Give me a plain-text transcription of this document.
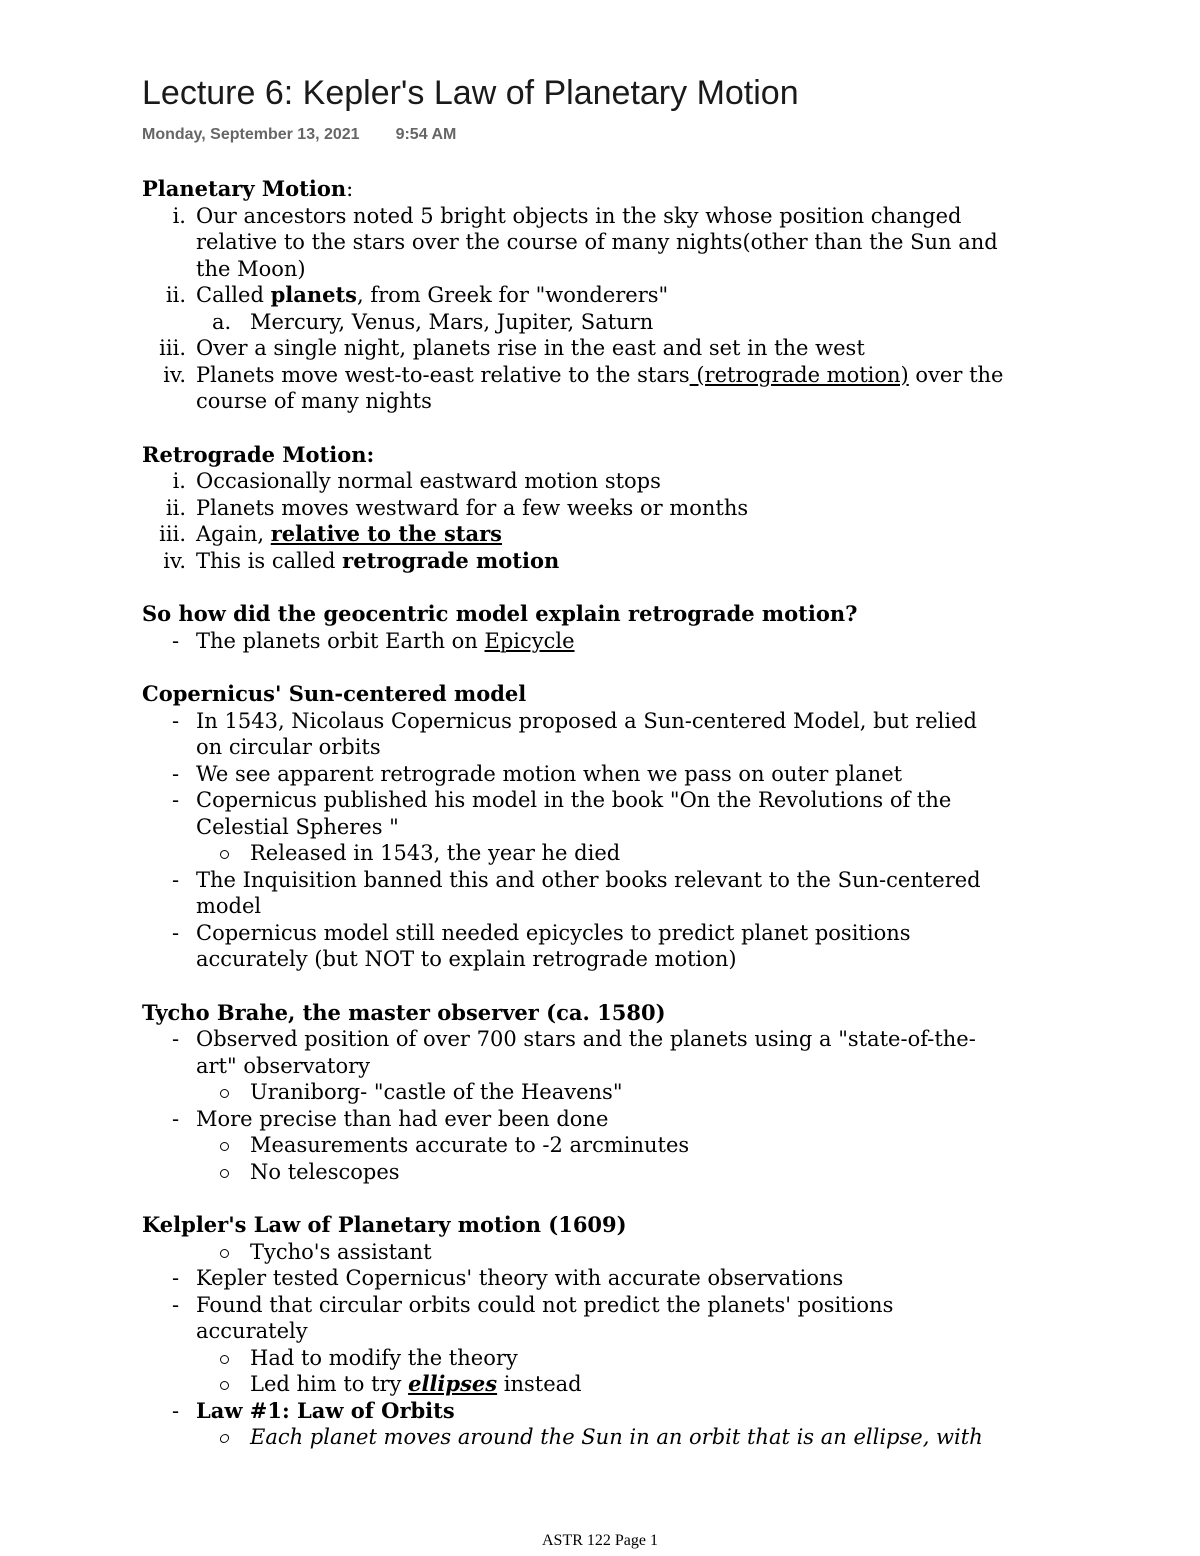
Lecture 6: Kepler's Law of Planetary Motion
Monday, September 13, 2021 9:54 AM

Planetary Motion:

i. Our ancestors noted 5 bright objects in the sky whose position changed
relative to the stars over the course of many nights(other than the Sun and
the Moon)
ii. Called planets, from Greek for "wonderers"
a. Mercury, Venus, Mars, Jupiter, Saturn
iii. Over a single night, planets rise in the east and set in the west
iv. Planets move west-to-east relative to the stars (retrograde motion) over the
course of many nights

Retrograde Motion:

i. Occasionally normal eastward motion stops
ii. Planets moves westward for a few weeks or months
iii. Again, relative to the stars
iv. This is called retrograde motion

So how did the geocentric model explain retrograde motion?

- The planets orbit Earth on Epicycle

Copernicus' Sun-centered model

- In 1543, Nicolaus Copernicus proposed a Sun-centered Model, but relied
on circular orbits
- We see apparent retrograde motion when we pass on outer planet
- Copernicus published his model in the book "On the Revolutions of the
Celestial Spheres "
Released in 1543, the year he died
- The Inquisition banned this and other books relevant to the Sun-centered
model
- Copernicus model still needed epicycles to predict planet positions
accurately (but NOT to explain retrograde motion)

Tycho Brahe, the master observer (ca. 1580)

- Observed position of over 700 stars and the planets using a "state-of-the-
art" observatory
Uraniborg- "castle of the Heavens"
- More precise than had ever been done
Measurements accurate to -2 arcminutes
No telescopes

Kelpler's Law of Planetary motion (1609)

Tycho's assistant
- Kepler tested Copernicus' theory with accurate observations
- Found that circular orbits could not predict the planets' positions
accurately
Had to modify the theory
Led him to try ellipses instead
- Law #1: Law of Orbits
Each planet moves around the Sun in an orbit that is an ellipse, with
ASTR 122 Page 1
